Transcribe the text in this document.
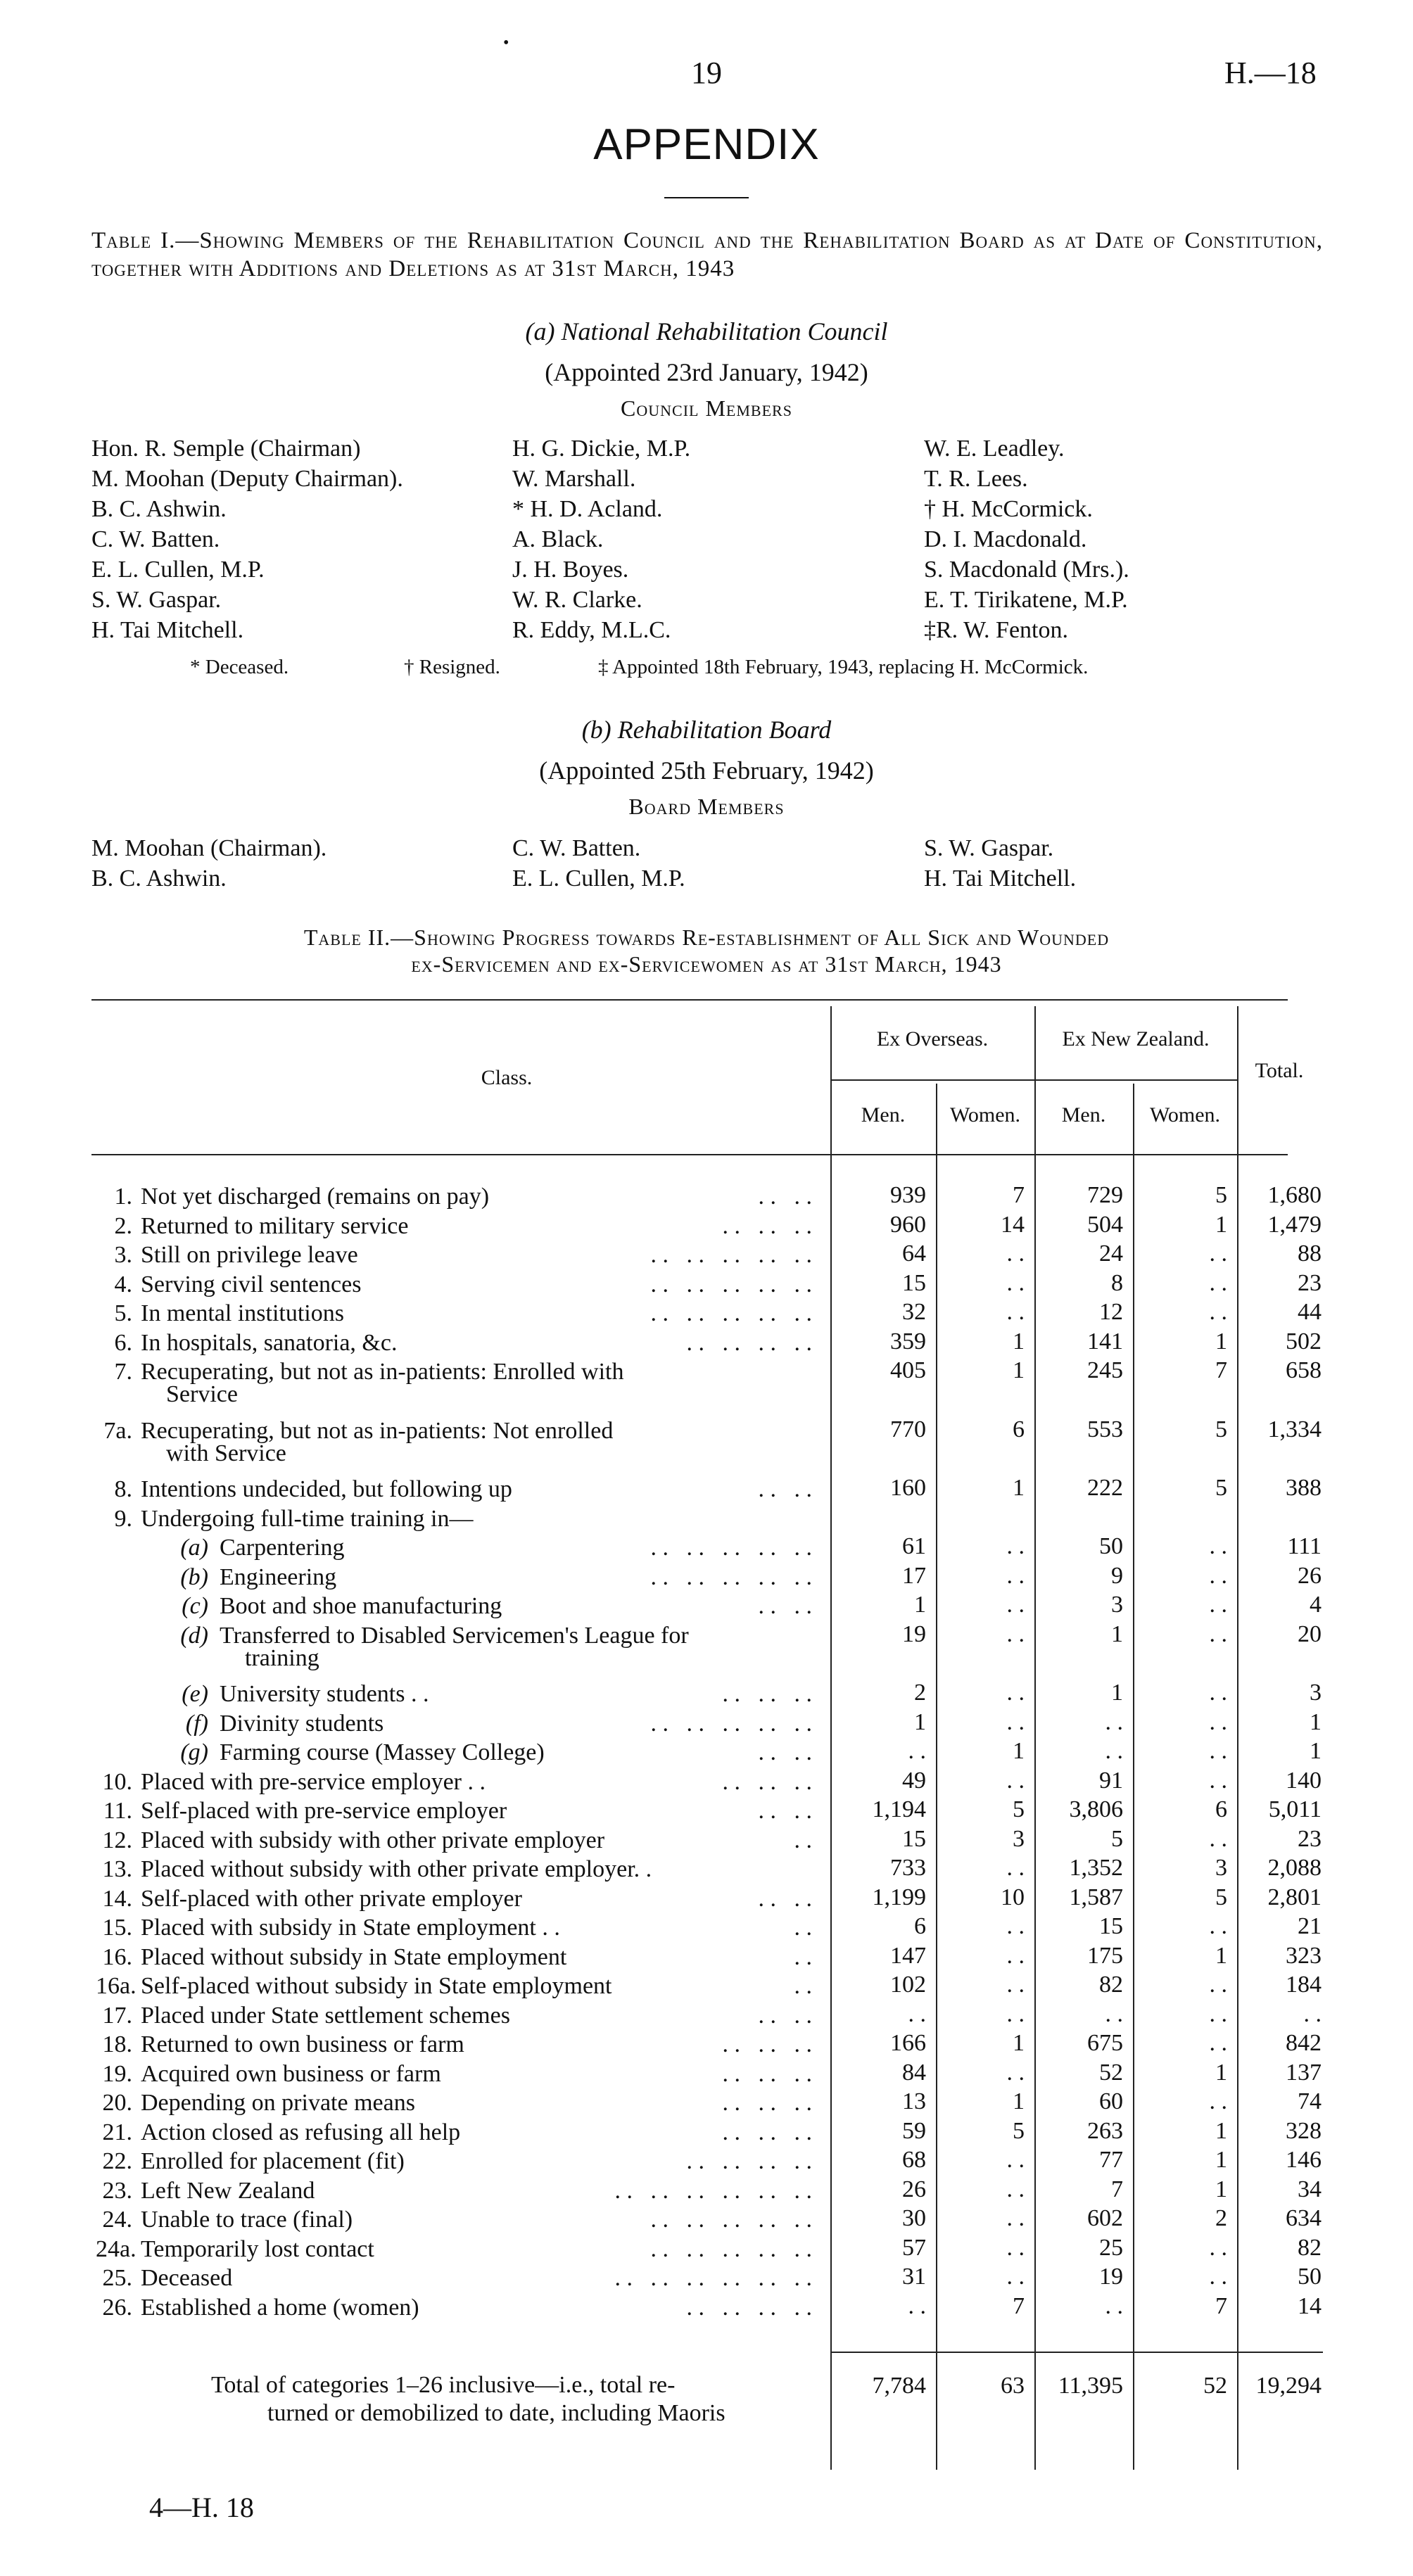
•
19	H.—18
APPENDIX
Table I.—Showing Members of the Rehabilitation Council and the Rehabilitation Board as at Date of Constitution, together with Additions and Deletions as at 31st March, 1943
(a) National Rehabilitation Council
(Appointed 23rd January, 1942)
Council Members
Hon. R. Semple (Chairman)
M. Moohan (Deputy Chairman).
B. C. Ashwin.
C. W. Batten.
E. L. Cullen, M.P.
S. W. Gaspar.
H. Tai Mitchell.
H. G. Dickie, M.P.
W. Marshall.
* H. D. Acland.
A. Black.
J. H. Boyes.
W. R. Clarke.
R. Eddy, M.L.C.
W. E. Leadley.
T. R. Lees.
† H. McCormick.
D. I. Macdonald.
S. Macdonald (Mrs.).
E. T. Tirikatene, M.P.
‡R. W. Fenton.
* Deceased.	† Resigned.	‡ Appointed 18th February, 1943, replacing H. McCormick.
(b) Rehabilitation Board
(Appointed 25th February, 1942)
Board Members
M. Moohan (Chairman).
B. C. Ashwin.
C. W. Batten.
E. L. Cullen, M.P.
S. W. Gaspar.
H. Tai Mitchell.
Table II.—Showing Progress towards Re-establishment of All Sick and Wounded
ex-Servicemen and ex-Servicewomen as at 31st March, 1943
Class.
Ex Overseas.	Ex New Zealand.
Total.
Men.	Women.	Men.	Women.
1. Not yet discharged (remains on pay)	. .   . .	939	7	729	5	1,680
2. Returned to military service	. .   . .   . .	960	14	504	1	1,479
3. Still on privilege leave	. .   . .   . .   . .   . .	64	. .	24	. .	88
4. Serving civil sentences	. .   . .   . .   . .   . .	15	. .	8	. .	23
5. In mental institutions	. .   . .   . .   . .   . .	32	. .	12	. .	44
6. In hospitals, sanatoria, &c.	. .   . .   . .   . .	359	1	141	1	502
7. Recuperating, but not as in-patients: Enrolled with	405	1	245	7	658
Service
7a. Recuperating, but not as in-patients: Not enrolled	770	6	553	5	1,334
with Service
8. Intentions undecided, but following up	. .   . .	160	1	222	5	388
9. Undergoing full-time training in—
(a) Carpentering	. .   . .   . .   . .   . .	61	. .	50	. .	111
(b) Engineering	. .   . .   . .   . .   . .	17	. .	9	. .	26
(c) Boot and shoe manufacturing	. .   . .	1	. .	3	. .	4
(d) Transferred to Disabled Servicemen's League for	19	. .	1	. .	20
training
(e) University students . .	. .   . .   . .	2	. .	1	. .	3
(f) Divinity students	. .   . .   . .   . .   . .	1	. .	. .	. .	1
(g) Farming course (Massey College)	. .   . .	. .	1	. .	. .	1
10. Placed with pre-service employer . .	. .   . .   . .	49	. .	91	. .	140
11. Self-placed with pre-service employer	. .   . .	1,194	5	3,806	6	5,011
12. Placed with subsidy with other private employer	. .	15	3	5	. .	23
13. Placed without subsidy with other private employer. .	733	. .	1,352	3	2,088
14. Self-placed with other private employer	. .   . .	1,199	10	1,587	5	2,801
15. Placed with subsidy in State employment . .	. .	6	. .	15	. .	21
16. Placed without subsidy in State employment	. .	147	. .	175	1	323
16a. Self-placed without subsidy in State employment	. .	102	. .	82	. .	184
17. Placed under State settlement schemes	. .   . .	. .	. .	. .	. .	. .
18. Returned to own business or farm	. .   . .   . .	166	1	675	. .	842
19. Acquired own business or farm	. .   . .   . .	84	. .	52	1	137
20. Depending on private means	. .   . .   . .	13	1	60	. .	74
21. Action closed as refusing all help	. .   . .   . .	59	5	263	1	328
22. Enrolled for placement (fit)	. .   . .   . .   . .	68	. .	77	1	146
23. Left New Zealand	. .   . .   . .   . .   . .   . .	26	. .	7	1	34
24. Unable to trace (final)	. .   . .   . .   . .   . .	30	. .	602	2	634
24a. Temporarily lost contact	. .   . .   . .   . .   . .	57	. .	25	. .	82
25. Deceased	. .   . .   . .   . .   . .   . .	31	. .	19	. .	50
26. Established a home (women)	. .   . .   . .   . .	. .	7	. .	7	14
Total of categories 1–26 inclusive—i.e., total re-
turned or demobilized to date, including Maoris
7,784	63	11,395	52	19,294
4—H. 18
